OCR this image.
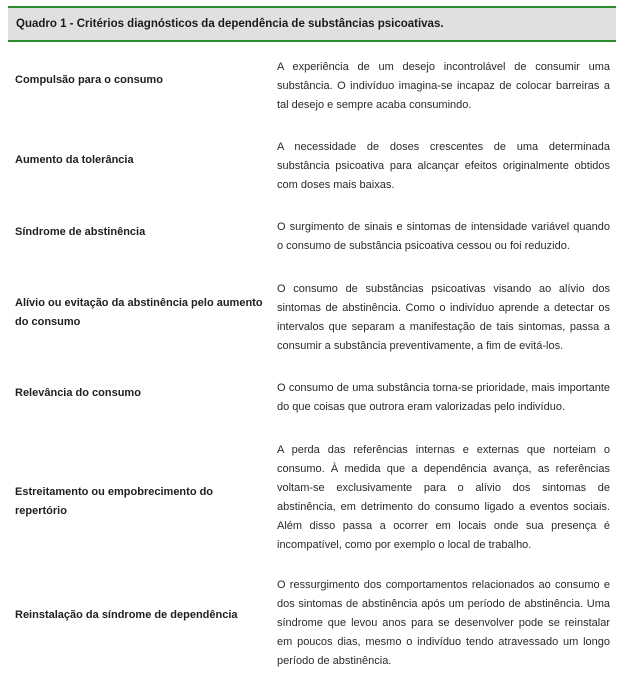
Quadro 1 - Critérios diagnósticos da dependência de substâncias psicoativas.
Compulsão para o consumo
A experiência de um desejo incontrolável de consumir uma substância. O indivíduo imagina-se incapaz de colocar barreiras a tal desejo e sempre acaba consumindo.
Aumento da tolerância
A necessidade de doses crescentes de uma determinada substância psicoativa para alcançar efeitos originalmente obtidos com doses mais baixas.
Síndrome de abstinência	O surgimento de sinais e sintomas de intensidade variável quando o consumo de substância psicoativa cessou ou foi reduzido.
Alívio ou evitação da abstinência pelo aumento do consumo
O consumo de substâncias psicoativas visando ao alívio dos sintomas de abstinência. Como o indivíduo aprende a detectar os intervalos que separam a manifestação de tais sintomas, passa a consumir a substância preventivamente, a fim de evitá-los.
Relevância do consumo	O consumo de uma substância torna-se prioridade, mais importante do que coisas que outrora eram valorizadas pelo indivíduo.
Estreitamento ou empobrecimento do repertório
A perda das referências internas e externas que norteiam o consumo. À medida que a dependência avança, as referências voltam-se exclusivamente para o alívio dos sintomas de abstinência, em detrimento do consumo ligado a eventos sociais. Além disso passa a ocorrer em locais onde sua presença é incompatível, como por exemplo o local de trabalho.
Reinstalação da síndrome de dependência
O ressurgimento dos comportamentos relacionados ao consumo e dos sintomas de abstinência após um período de abstinência. Uma síndrome que levou anos para se desenvolver pode se reinstalar em poucos dias, mesmo o indivíduo tendo atravessado um longo período de abstinência.
